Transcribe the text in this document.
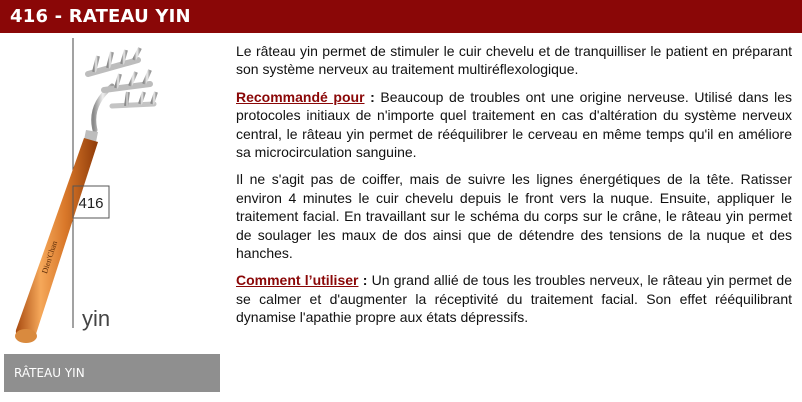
416 - RATEAU YIN
416
Dien'Chan
yin
RÂTEAU YIN

Le râteau yin permet de stimuler le cuir chevelu et de tranquilliser le patient en préparant son système nerveux au traitement multiréflexologique.

Recommandé pour : Beaucoup de troubles ont une origine nerveuse. Utilisé dans les protocoles initiaux de n'importe quel traitement en cas d'altération du système nerveux central, le râteau yin permet de rééquilibrer le cerveau en même temps qu'il en améliore sa microcirculation sanguine.

Il ne s'agit pas de coiffer, mais de suivre les lignes énergétiques de la tête. Ratisser environ 4 minutes le cuir chevelu depuis le front vers la nuque. Ensuite, appliquer le traitement facial. En travaillant sur le schéma du corps sur le crâne, le râteau yin permet de soulager les maux de dos ainsi que de détendre des tensions de la nuque et des hanches.

Comment l’utiliser : Un grand allié de tous les troubles nerveux, le râteau yin permet de se calmer et d'augmenter la réceptivité du traitement facial. Son effet rééquilibrant dynamise l'apathie propre aux états dépressifs.
